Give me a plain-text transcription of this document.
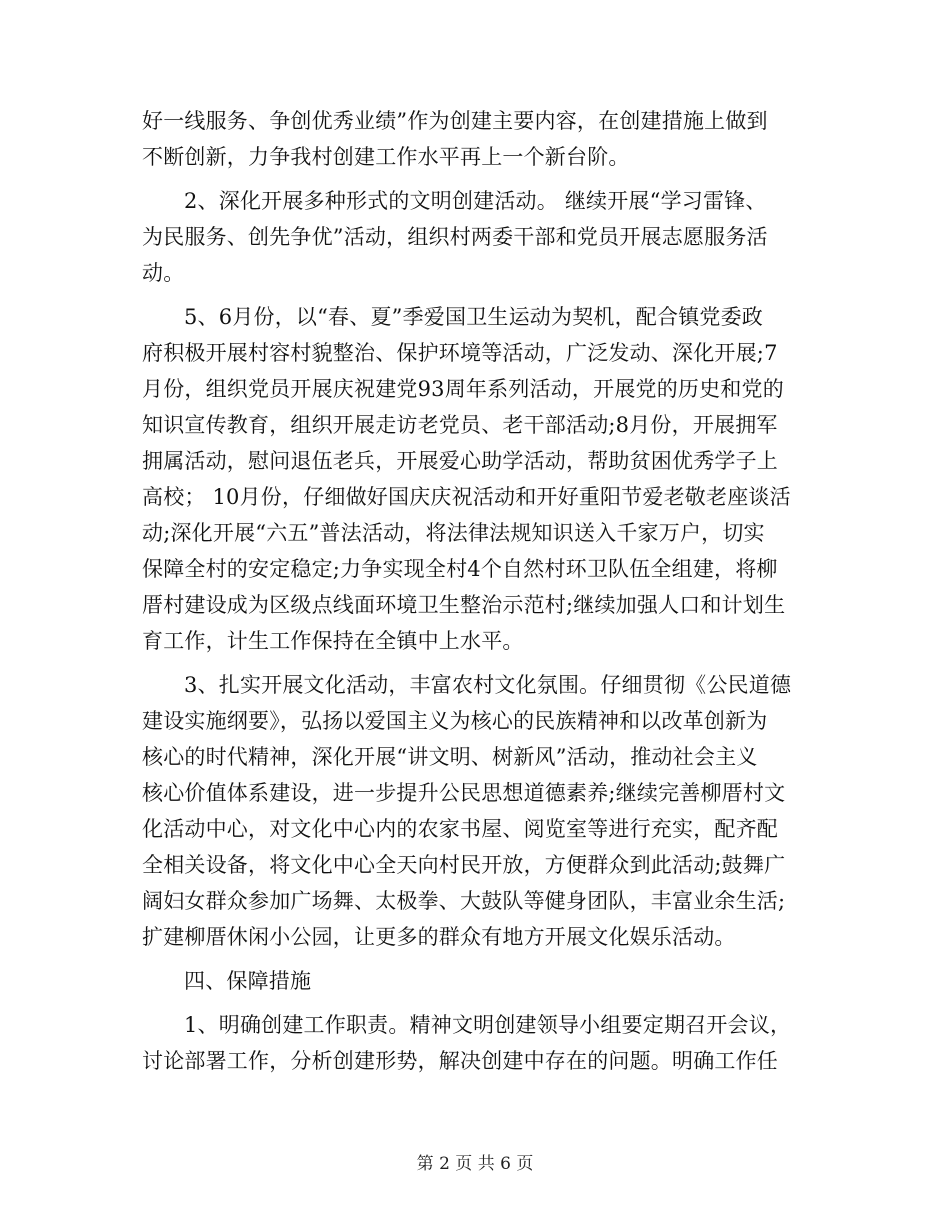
好一线服务、争创优秀业绩”作为创建主要内容，在创建措施上做到
不断创新，力争我村创建工作水平再上一个新台阶。
2、深化开展多种形式的文明创建活动。 继续开展“学习雷锋、
为民服务、创先争优”活动，组织村两委干部和党员开展志愿服务活
动。
5、6月份，以“春、夏”季爱国卫生运动为契机，配合镇党委政
府积极开展村容村貌整治、保护环境等活动，广泛发动、深化开展;7
月份，组织党员开展庆祝建党93周年系列活动，开展党的历史和党的
知识宣传教育，组织开展走访老党员、老干部活动;8月份，开展拥军
拥属活动，慰问退伍老兵，开展爱心助学活动，帮助贫困优秀学子上
高校； 10月份，仔细做好国庆庆祝活动和开好重阳节爱老敬老座谈活
动;深化开展“六五”普法活动，将法律法规知识送入千家万户，切实
保障全村的安定稳定;力争实现全村4个自然村环卫队伍全组建，将柳
厝村建设成为区级点线面环境卫生整治示范村;继续加强人口和计划生
育工作，计生工作保持在全镇中上水平。
3、扎实开展文化活动，丰富农村文化氛围。仔细贯彻《公民道德
建设实施纲要》，弘扬以爱国主义为核心的民族精神和以改革创新为
核心的时代精神，深化开展“讲文明、树新风”活动，推动社会主义
核心价值体系建设，进一步提升公民思想道德素养;继续完善柳厝村文
化活动中心，对文化中心内的农家书屋、阅览室等进行充实，配齐配
全相关设备，将文化中心全天向村民开放，方便群众到此活动;鼓舞广
阔妇女群众参加广场舞、太极拳、大鼓队等健身团队，丰富业余生活;
扩建柳厝休闲小公园，让更多的群众有地方开展文化娱乐活动。
四、保障措施
1、明确创建工作职责。精神文明创建领导小组要定期召开会议，
讨论部署工作，分析创建形势，解决创建中存在的问题。明确工作任
第 2 页 共 6 页
